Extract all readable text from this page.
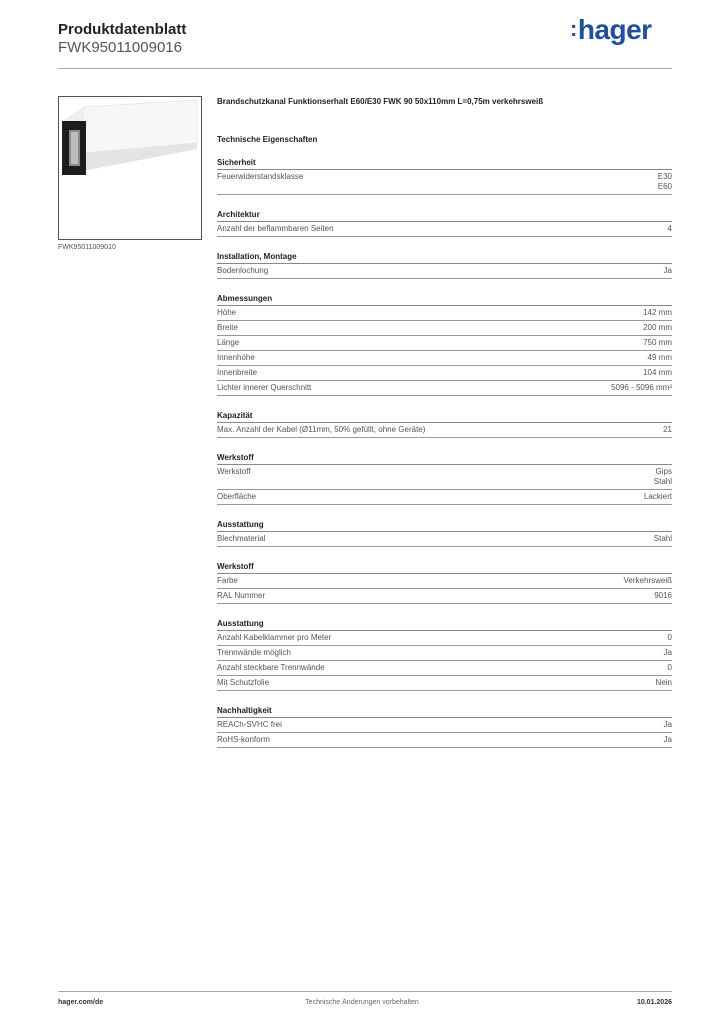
Produktdatenblatt
FWK95011009016
:hager
FWK95011009010
Brandschutzkanal Funktionserhalt E60/E30 FWK 90 50x110mm L=0,75m verkehrsweiß
Technische Eigenschaften
Sicherheit
Feuerwiderstandsklasse	E30
E60
Architektur
Anzahl der beflammbaren Seiten	4
Installation, Montage
Bodenlochung	Ja
Abmessungen
Höhe	142 mm
Breite	200 mm
Länge	750 mm
Innenhöhe	49 mm
Innenbreite	104 mm
Lichter innerer Querschnitt	5096 - 5096 mm²
Kapazität
Max. Anzahl der Kabel (Ø11mm, 50% gefüllt, ohne Geräte)	21
Werkstoff
Werkstoff	Gips
Stahl
Oberfläche	Lackiert
Ausstattung
Blechmaterial	Stahl
Werkstoff
Farbe	Verkehrsweiß
RAL Nummer	9016
Ausstattung
Anzahl Kabelklammer pro Meter	0
Trennwände möglich	Ja
Anzahl steckbare Trennwände	0
Mit Schutzfolie	Nein
Nachhaltigkeit
REACh-SVHC frei	Ja
RoHS-konform	Ja
hager.com/de	Technische Änderungen vorbehalten	10.01.2026
